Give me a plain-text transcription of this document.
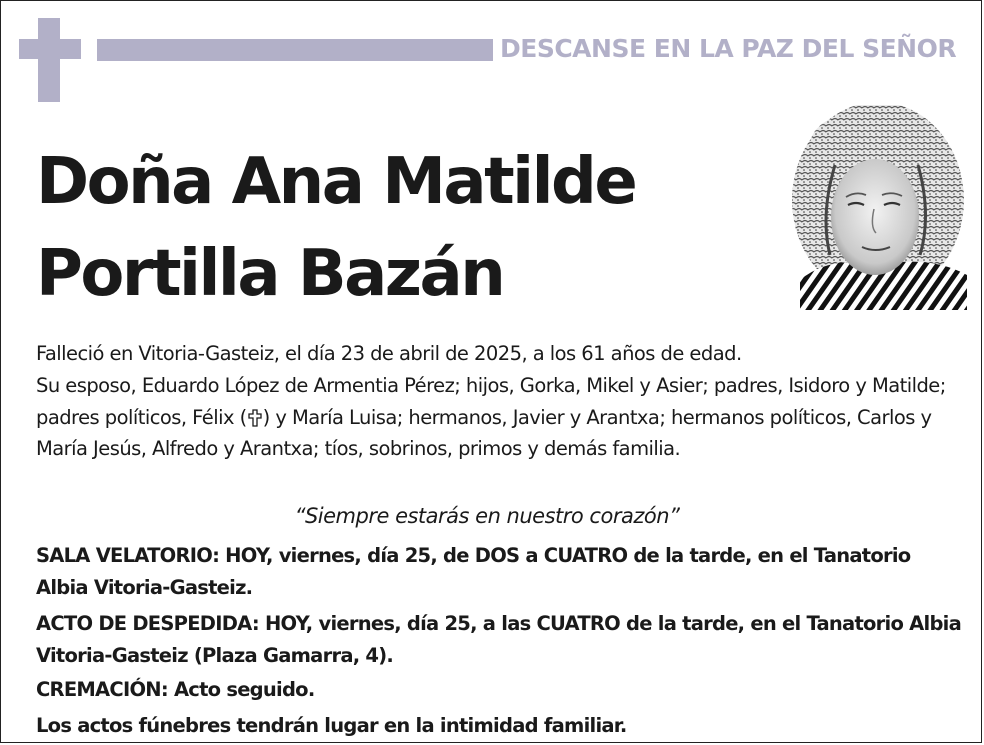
DESCANSE EN LA PAZ DEL SEÑOR
Doña Ana Matilde
Portilla Bazán
Falleció en Vitoria-Gasteiz, el día 23 de abril de 2025, a los 61 años de edad.
Su esposo, Eduardo López de Armentia Pérez; hijos, Gorka, Mikel y Asier; padres, Isidoro y Matilde; padres políticos, Félix ( ) y María Luisa; hermanos, Javier y Arantxa; hermanos políticos, Carlos y María Jesús, Alfredo y Arantxa; tíos, sobrinos, primos y demás familia.
“Siempre estarás en nuestro corazón”
SALA VELATORIO: HOY, viernes, día 25, de DOS a CUATRO de la tarde, en el Tanatorio Albia Vitoria-Gasteiz.
ACTO DE DESPEDIDA: HOY, viernes, día 25, a las CUATRO de la tarde, en el Tanatorio Albia Vitoria-Gasteiz (Plaza Gamarra, 4).
CREMACIÓN: Acto seguido.
Los actos fúnebres tendrán lugar en la intimidad familiar.
